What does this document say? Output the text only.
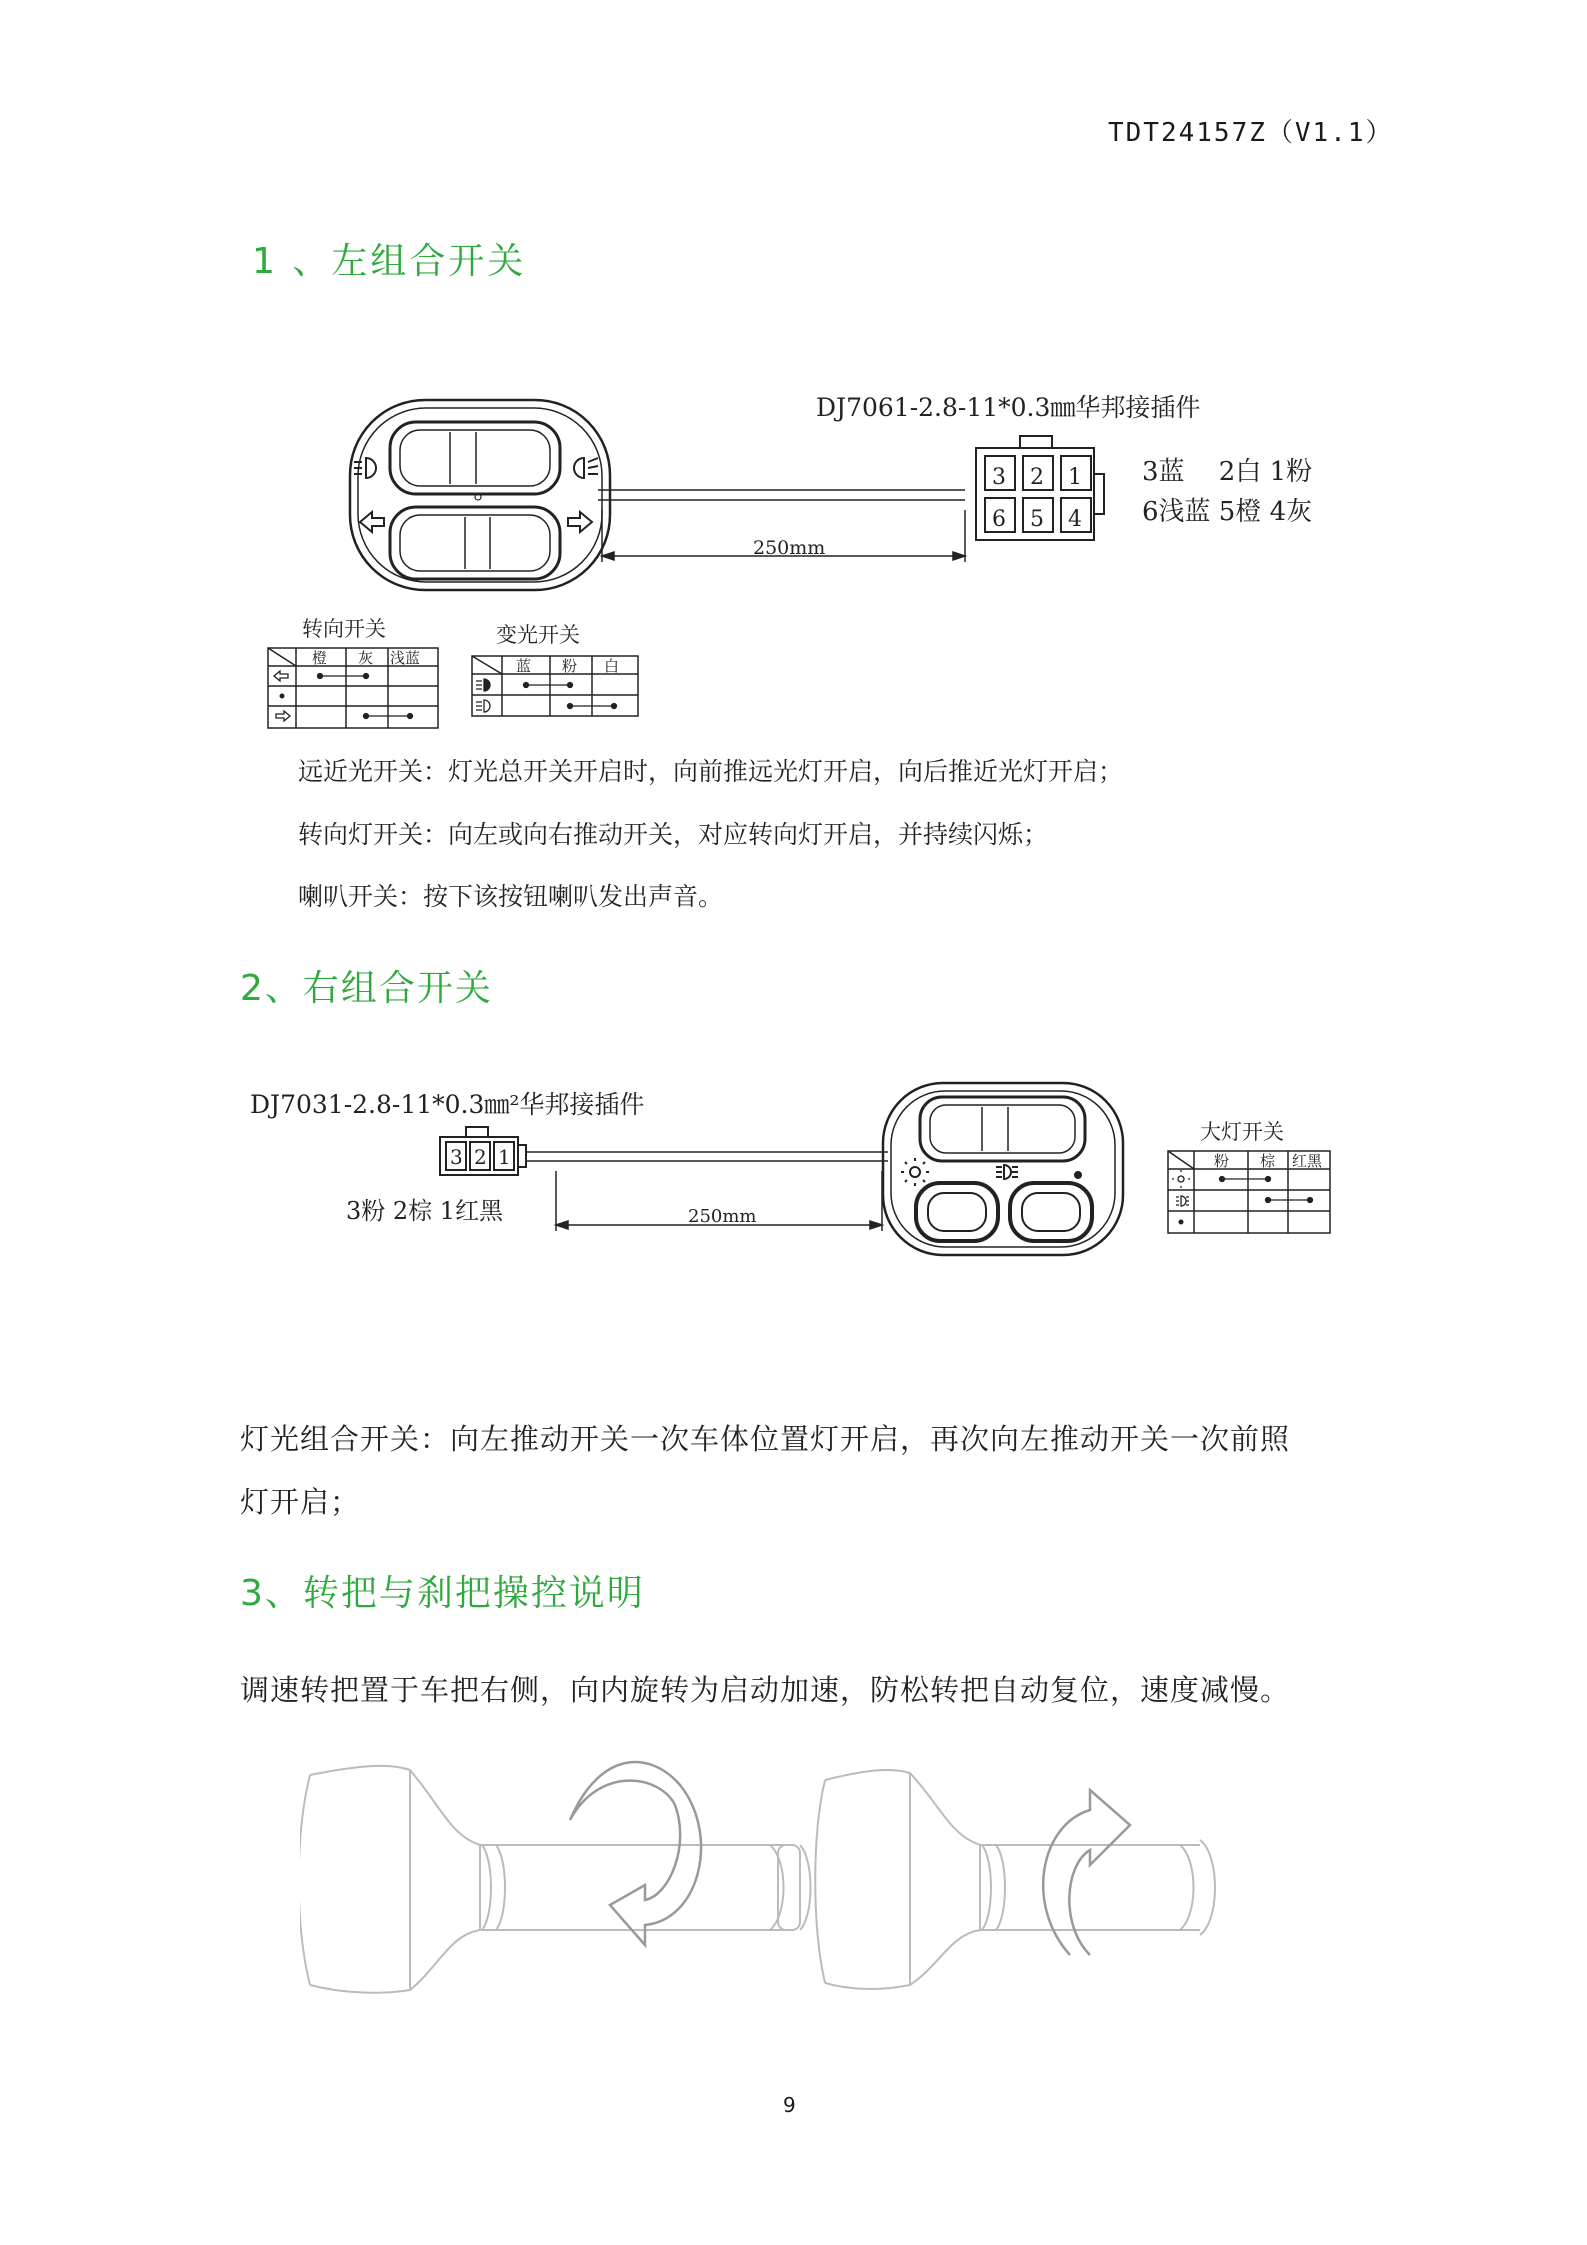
TDT24157Z（V1.1）
1 、左组合开关
250mm
3 2 1
6 5 4
DJ7061-2.8-11*0.3㎜华邦接插件
3蓝　 2白 1粉
6浅蓝 5橙 4灰
转向开关
橙 灰 浅蓝
变光开关
蓝 粉 白
远近光开关：灯光总开关开启时，向前推远光灯开启，向后推近光灯开启；
转向灯开关：向左或向右推动开关，对应转向灯开启，并持续闪烁；
喇叭开关：按下该按钮喇叭发出声音。
2、右组合开关
DJ7031-2.8-11*0.3㎜²华邦接插件
3 2 1
3粉 2棕 1红黑	250mm
大灯开关
粉 棕 红黑
灯光组合开关：向左推动开关一次车体位置灯开启，再次向左推动开关一次前照
灯开启；
3、转把与刹把操控说明
调速转把置于车把右侧，向内旋转为启动加速，防松转把自动复位，速度减慢。
9
